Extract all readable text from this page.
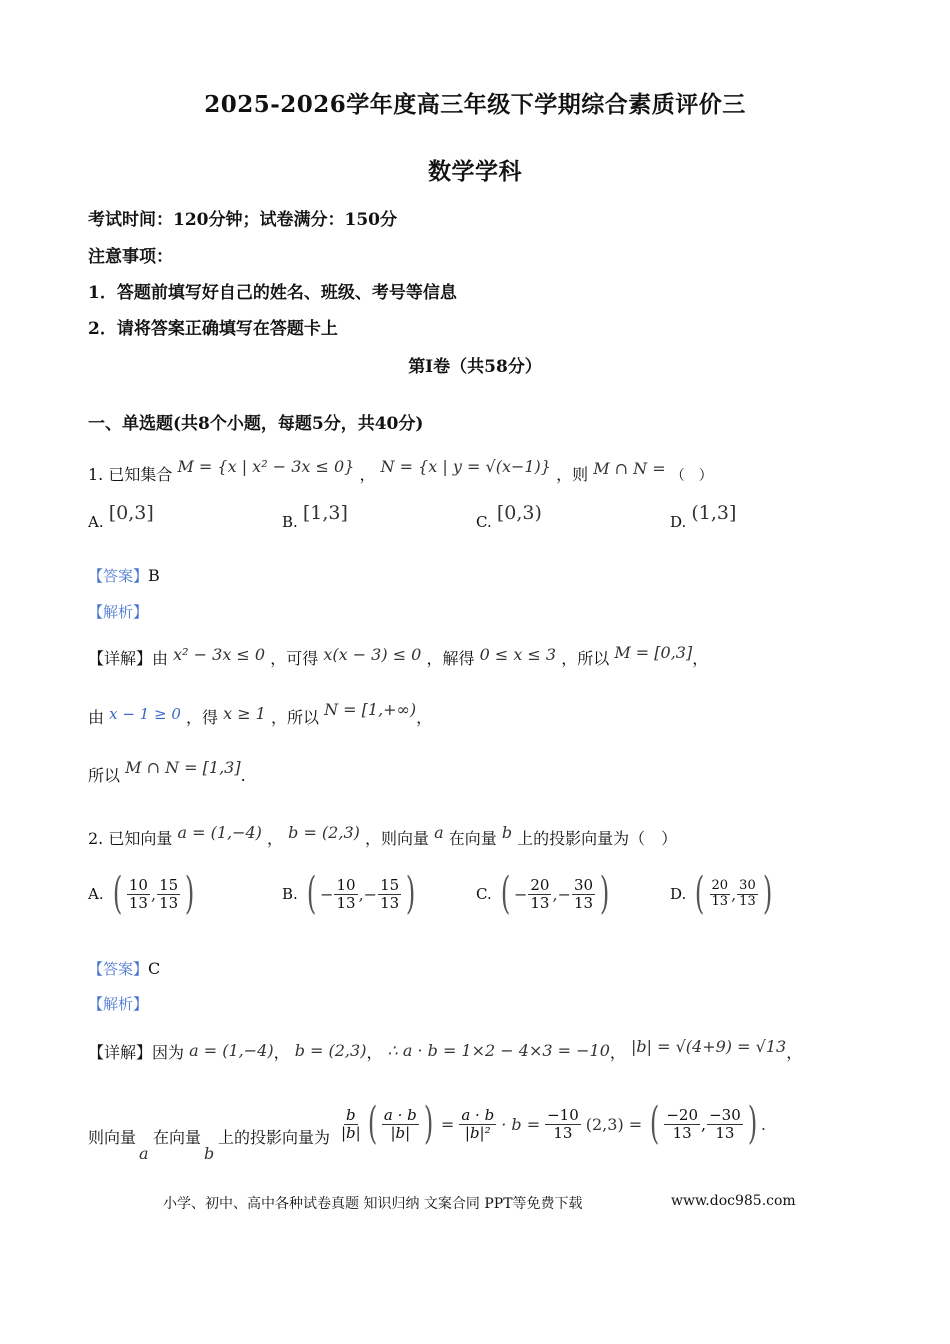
2025-2026学年度高三年级下学期综合素质评价三
数学学科
考试时间：120分钟；试卷满分：150分
注意事项：
1．答题前填写好自己的姓名、班级、考号等信息
2．请将答案正确填写在答题卡上
第I卷（共58分）
一、单选题(共8个小题，每题5分，共40分)
1. 已知集合 M = {x | x² − 3x ≤ 0} ， N = {x | y = √(x−1)} ，则 M ∩ N = （　）
A. [0,3]	B. [1,3]	C. [0,3)	D. (1,3]
【答案】B
【解析】
【详解】由 x² − 3x ≤ 0 ，可得 x(x − 3) ≤ 0 ，解得 0 ≤ x ≤ 3 ，所以 M = [0,3]，
由 x − 1 ≥ 0 ，得 x ≥ 1 ，所以 N = [1,+∞)，
所以 M ∩ N = [1,3].
2. 已知向量 a = (1,−4) ， b = (2,3) ，则向量 a 在向量 b 上的投影向量为（　）
A. ( $\frac{10}{13}$ , $\frac{15}{13}$ )	B. ( − $\frac{10}{13}$ , − $\frac{15}{13}$ )	C. ( − $\frac{20}{13}$ , − $\frac{30}{13}$ )	D. ( $\frac{20}{13}$ , $\frac{30}{13}$ )
【答案】C
【解析】
【详解】因为 a = (1,−4)， b = (2,3)， ∴ a · b = 1×2 − 4×3 = −10， |b| = √(4+9) = √13，
则向量
a
在向量
b
上的投影向量为 $\frac{b}{|b|}$ ( $\frac{a \cdot b}{|b|}$ ) = $\frac{a \cdot b}{\text{|b|²}} \cdot b = \frac{-10}{13} (2,3)$ = ( $\frac{-20}{13}$ , $\frac{-30}{13}$ ) .
小学、初中、高中各种试卷真题 知识归纳 文案合同 PPT等免费下载	www.doc985.com
